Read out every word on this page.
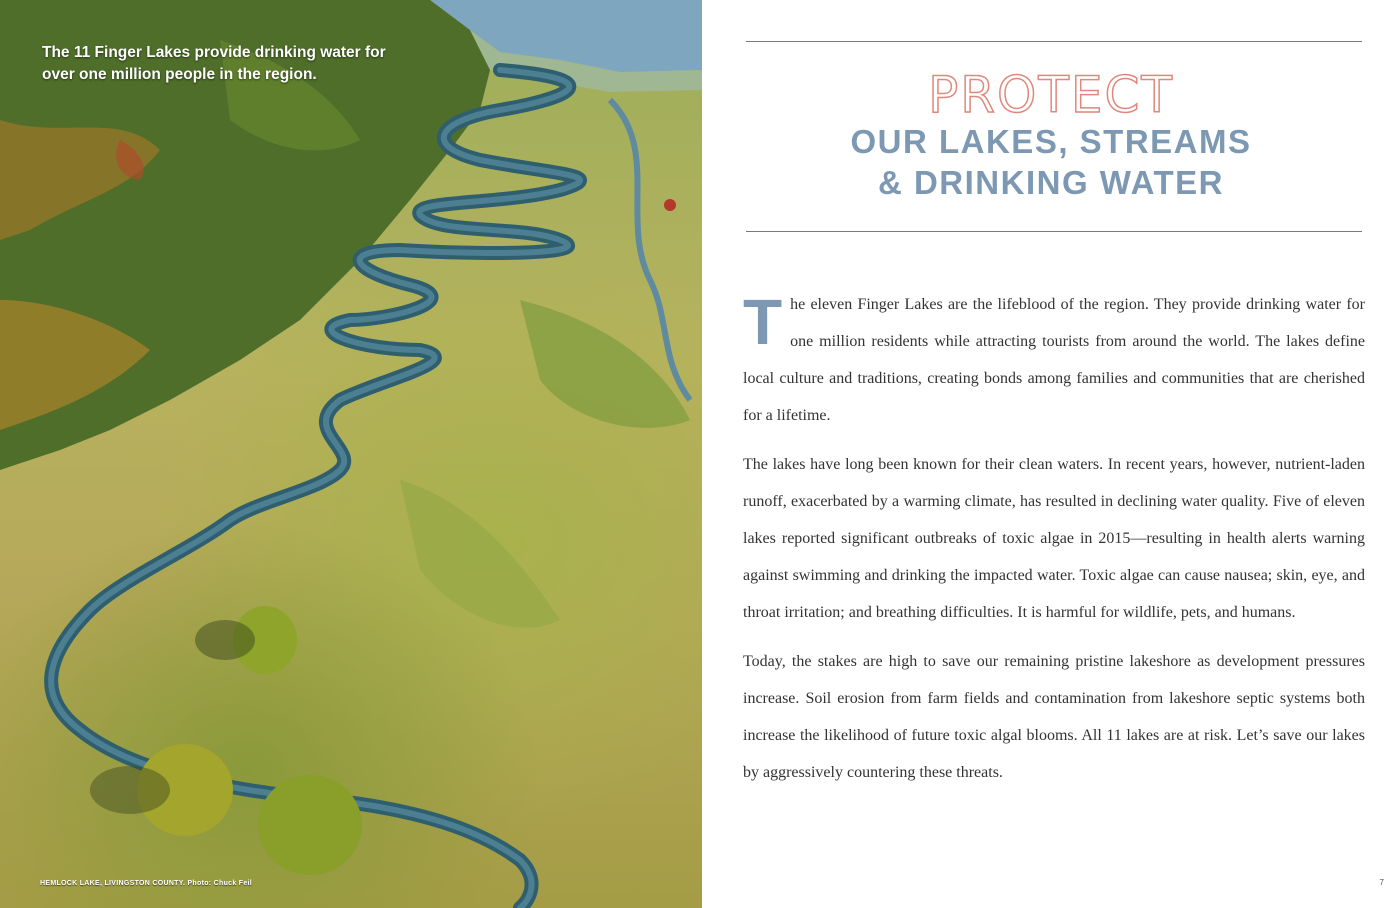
The 11 Finger Lakes provide drinking water for over one million people in the region.
HEMLOCK LAKE, LIVINGSTON COUNTY. Photo: Chuck Feil
PROTECT
OUR LAKES, STREAMS
& DRINKING WATER

The eleven Finger Lakes are the lifeblood of the region. They provide drinking water for one million residents while attracting tourists from around the world. The lakes define local culture and traditions, creating bonds among families and communities that are cherished for a lifetime.

The lakes have long been known for their clean waters. In recent years, however, nutrient-laden runoff, exacerbated by a warming climate, has resulted in declining water quality. Five of eleven lakes reported significant outbreaks of toxic algae in 2015—resulting in health alerts warning against swimming and drinking the impacted water. Toxic algae can cause nausea; skin, eye, and throat irritation; and breathing difficulties. It is harmful for wildlife, pets, and humans.

Today, the stakes are high to save our remaining pristine lakeshore as development pressures increase. Soil erosion from farm fields and contamination from lakeshore septic systems both increase the likelihood of future toxic algal blooms. All 11 lakes are at risk. Let’s save our lakes by aggressively countering these threats.

7
